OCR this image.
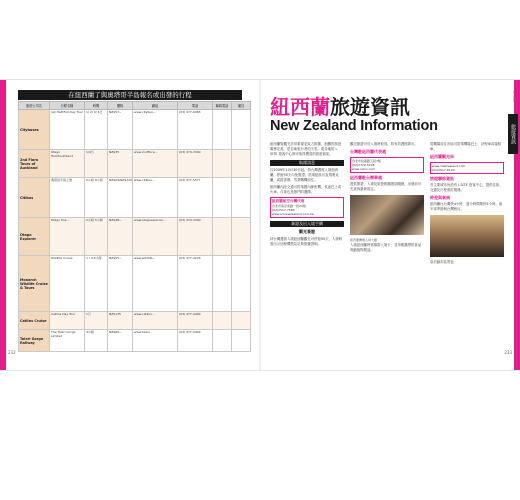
在紐西蘭了與奧塔哥半島報名或出發的行程
旅遊公司名	行程名稱	時間	價格	網址	電話	聯絡電話	備註
Citybuses	1st Half/Full Day Tour	1/ 2/ 3/ 4日	NZ$57~	www.citybus...	(03) 477-9083		
2nd Flora Tours of Auckland	Otago Hist/Southland	1/4日	NZ$35	www.2ndflora...	(03) 474-3300		
Citibus	奧塔哥半島之旅	2小時 8小時	NZ$69/NZ$129	www.citibus...	(03) 477-5577		
Otago Explorer	Otago Exp...	2小時 5小時	NZ$48~	www.otagoexplorer...	(03) 474-3300		
Monarch Wildlife Cruise & Tours	Wildlife Cruise	1 / 4.5小時	NZ$55~	www.wildlife...	(03) 477-4276		
Catlins Cruise	Catlins Day Tour	1日	NZ$135	www.catlins...	(03) 477-4499		
Taieri Gorge Railway	The Taieri Gorge Limited	4小時	NZ$80~	www.taieri...	(03) 477-4449		
232
紐西蘭
旅遊資訊
紐西蘭旅遊資訊
New Zealand Information

紐西蘭對觀光非常重視並致力推廣，相關的旅遊服務完善，是自助旅行者的天堂。從各地的 i-SITE 遊客中心即可取得豐富的旅遊資訊。

航運訊息

自2009年10月30日起，持台灣護照入境紐西蘭，停留90天內免簽證。搭乘紐航可直飛奧克蘭，或經香港、雪梨轉機前往。

紐西蘭內陸交通可搭乘國內線班機、長途巴士或火車，自駕也是熱門的選擇。

紐西蘭航空台灣代理
台北市南京東路一段24號
(02)2517-7660
www.airnewzealand.com.tw
簽證及出入境手續
觀光簽證

持台灣護照入境紐西蘭觀光可停留90天，入境時需出示回程機票及足夠旅費證明。

觀光簽證可於入境時取得，持有效護照即可。

台灣駐紐西蘭代表處
台北市信義路五段7號
(02)2720-5228
www.nzcio.com
紐西蘭駐台辦事處

提供簽證、入境及旅遊相關諮詢服務，出發前可先查詢最新規定。

紐西蘭機場入境大廳

入境紐西蘭時需填寫入境卡，並申報攜帶的食品與動植物製品。

從機場前往市區可搭乘機場巴士、計程車或接駁車。

紐西蘭觀光局
www.newzealand.com
(02)2517-6140
旅遊聯絡資訊

各主要城市皆設有 i-SITE 遊客中心，提供住宿、交通及行程預訂服務。

時差與氣候

紐西蘭比台灣快4小時，夏令時間則快5小時。南半球季節與台灣相反。

皇后鎮市區景色

233
